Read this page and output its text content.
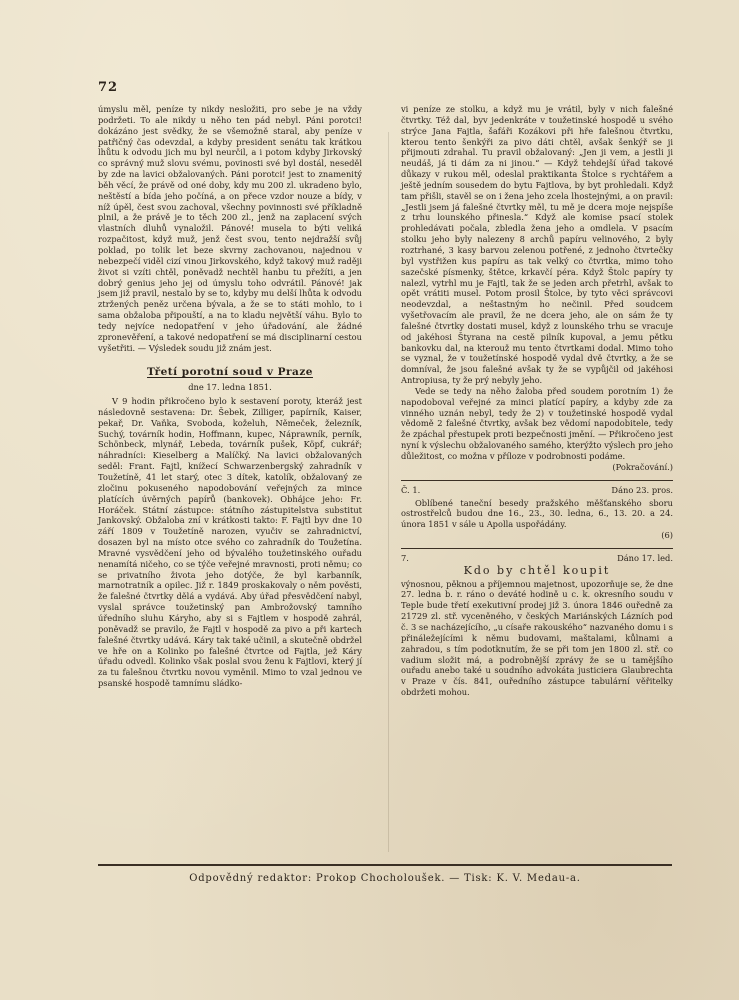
72

úmyslu měl, peníze ty nikdy nesložiti, pro sebe je na vždy podržeti. To ale nikdy u něho ten pád nebyl. Páni porotci! dokázáno jest svědky, že se všemožně staral, aby peníze v patřičný čas odevzdal, a kdyby president senátu tak krátkou lhůtu k odvodu jich mu byl neurčil, a i potom kdyby Jirkovský co správný muž slovu svému, povinosti své byl dostál, neseděl by zde na lavici obžalovaných. Páni porotci! jest to znamenitý běh věcí, že právě od oné doby, kdy mu 200 zl. ukradeno bylo, neštěstí a bída jeho počíná, a on přece vzdor nouze a bídy, v níž úpěl, čest svou zachoval, všechny povinnosti své příkladně plnil, a že právě je to těch 200 zl., jenž na zaplacení svých vlastních dluhů vynaložil. Pánové! musela to býti veliká rozpačitost, když muž, jenž čest svou, tento nejdražší svůj poklad, po tolik let beze skvrny zachovanou, najednou v nebezpečí viděl cizí vinou Jirkovského, když takový muž raději život si vzíti chtěl, poněvadž nechtěl hanbu tu přežíti, a jen dobrý genius jeho jej od úmyslu toho odvrátil. Pánové! jak jsem již pravil, nestalo by se to, kdyby mu delší lhůta k odvodu ztržených peněz určena bývala, a že se to státi mohlo, to i sama obžaloba připouští, a na to kladu největší váhu. Bylo to tedy nejvíce nedopatření v jeho úřadování, ale žádné zpronevěření, a takové nedopatření se má disciplinarní cestou vyšetřiti. — Výsledek soudu již znám jest.

Třetí porotní soud v Praze
dne 17. ledna 1851.

V 9 hodin přikročeno bylo k sestavení poroty, kteráž jest následovně sestavena: Dr. Šebek, Zilliger, papírník, Kaiser, pekař, Dr. Vaňka, Svoboda, koželuh, Němeček, železník, Suchý, továrník hodin, Hoffmann, kupec, Náprawník, perník, Schönbeck, mlynář, Lebeda, továrník pušek, Köpf, cukrář; náhradníci: Kieselberg a Malíčký. Na lavici obžalovaných seděl: Frant. Fajtl, knížecí Schwarzenbergský zahradník v Toužetíně, 41 let starý, otec 3 dítek, katolík, obžalovaný ze zločinu pokuseného napodobování veřejných za mince platících úvěrných papírů (bankovek). Obhájce jeho: Fr. Horáček. Státní zástupce: státního zástupitelstva substitut Jankovský. Obžaloba zní v krátkosti takto: F. Fajtl byv dne 10 září 1809 v Toužetíně narozen, vyučiv se zahradnictví, dosazen byl na místo otce svého co zahradník do Toužetína. Mravné vysvědčení jeho od bývalého toužetinského ouřadu nenamítá ničeho, co se týče veřejné mravnosti, proti němu; co se privatního života jeho dotýče, že byl karbanník, marnotratník a opilec. Již r. 1849 proskakovaly o něm pověsti, že falešné čtvrtky dělá a vydává. Aby úřad přesvědčení nabyl, vyslal správce toužetinský pan Ambrožovský tamního úředního sluhu Káryho, aby si s Fajtlem v hospodě zahrál, poněvadž se pravilo, že Fajtl v hospodě za pivo a při kartech falešné čtvrtky udává. Káry tak také učinil, a skutečně obdržel ve hře on a Kolinko po falešné čtvrtce od Fajtla, jež Káry úřadu odvedl. Kolinko však poslal svou ženu k Fajtlovi, který jí za tu falešnou čtvrtku novou vyměnil. Mimo to vzal jednou ve psanské hospodě tamnímu sládko-

vi peníze ze stolku, a když mu je vrátil, byly v nich falešné čtvrtky. Též dal, byv jedenkráte v toužetinské hospodě u svého strýce Jana Fajtla, šafáři Kozákovi při hře falešnou čtvrtku, kterou tento šenkýři za pivo dáti chtěl, avšak šenkýř se ji přijmouti zdrahal. Tu pravil obžalovaný: „Jen ji vem, a jestli ji neudáš, já ti dám za ni jinou.“ — Když tehdejší úřad takové důkazy v rukou měl, odeslal praktikanta Štolce s rychtářem a ještě jedním sousedem do bytu Fajtlova, by byt prohledali. Když tam přišli, stavěl se on i žena jeho zcela lhostejnými, a on pravil: „Jestli jsem já falešné čtvrtky měl, tu mě je dcera moje nejspíše z trhu lounského přinesla.“ Když ale komise psací stolek prohledávati počala, zbledla žena jeho a omdlela. V psacím stolku jeho byly nalezeny 8 archů papíru velinového, 2 byly roztrhané, 3 kasy barvou zelenou potřené, z jednoho čtvrtečky byl vystřižen kus papíru as tak velký co čtvrtka, mimo toho sazečské písmenky, štětce, krkavčí péra. Když Štolc papíry ty nalezl, vytrhl mu je Fajtl, tak že se jeden arch přetrhl, avšak to opět vrátiti musel. Potom prosil Štolce, by tyto věci správcovi neodevzdal, a neštastným ho nečinil. Před soudcem vyšetřovacím ale pravil, že ne dcera jeho, ale on sám že ty falešné čtvrtky dostati musel, když z lounského trhu se vracuje od jakéhosi Štyrana na cestě pilník kupoval, a jemu pětku bankovku dal, na kterouž mu tento čtvrtkami dodal. Mimo toho se vyznal, že v toužetínské hospodě vydal dvě čtvrtky, a že se domníval, že jsou falešné avšak ty že se vypůjčil od jakéhosi Antropiusa, ty že prý nebyly jeho.

Vede se tedy na něho žaloba před soudem porotním 1) že napodoboval veřejné za minci platící papíry, a kdyby zde za vinného uznán nebyl, tedy že 2) v toužetinské hospodě vydal vědomě 2 falešné čtvrtky, avšak bez vědomí napodobitele, tedy že zpáchal přestupek proti bezpečnosti jmění. — Přikročeno jest nyní k výslechu obžalovaného samého, kterýžto výslech pro jeho důležitost, co možna v příloze v podrobnosti podáme.

(Pokračování.)
Č. 1.	Dáno 23. pros.

Oblíbené taneční besedy pražského měšťanského sboru ostrostřelců budou dne 16., 23., 30. ledna, 6., 13. 20. a 24. února 1851 v sále u Apolla uspořádány.

(6)
7.	Dáno 17. led.
Kdo by chtěl koupit

výnosnou, pěknou a příjemnou majetnost, upozorňuje se, že dne 27. ledna b. r. ráno o deváté hodině u c. k. okresního soudu v Teple bude třetí exekutivní prodej již 3. února 1846 ouředně za 21729 zl. stř. vyceněného, v českých Mariánských Lázních pod č. 3 se nacházejícího, „u císaře rakouského“ nazvaného domu i s přináležejícími k němu budovami, maštalami, kůlnami a zahradou, s tím podotknutím, že se při tom jen 1800 zl. stř. co vadium složit má, a podrobnější zprávy že se u tamějšího ouřadu anebo také u soudního advokáta justiciera Glaubrechta v Praze v čís. 841, ouředního zástupce tabulární věřitelky obdržeti mohou.

Odpovědný redaktor: Prokop Chocholoušek. — Tisk: K. V. Medau-a.
